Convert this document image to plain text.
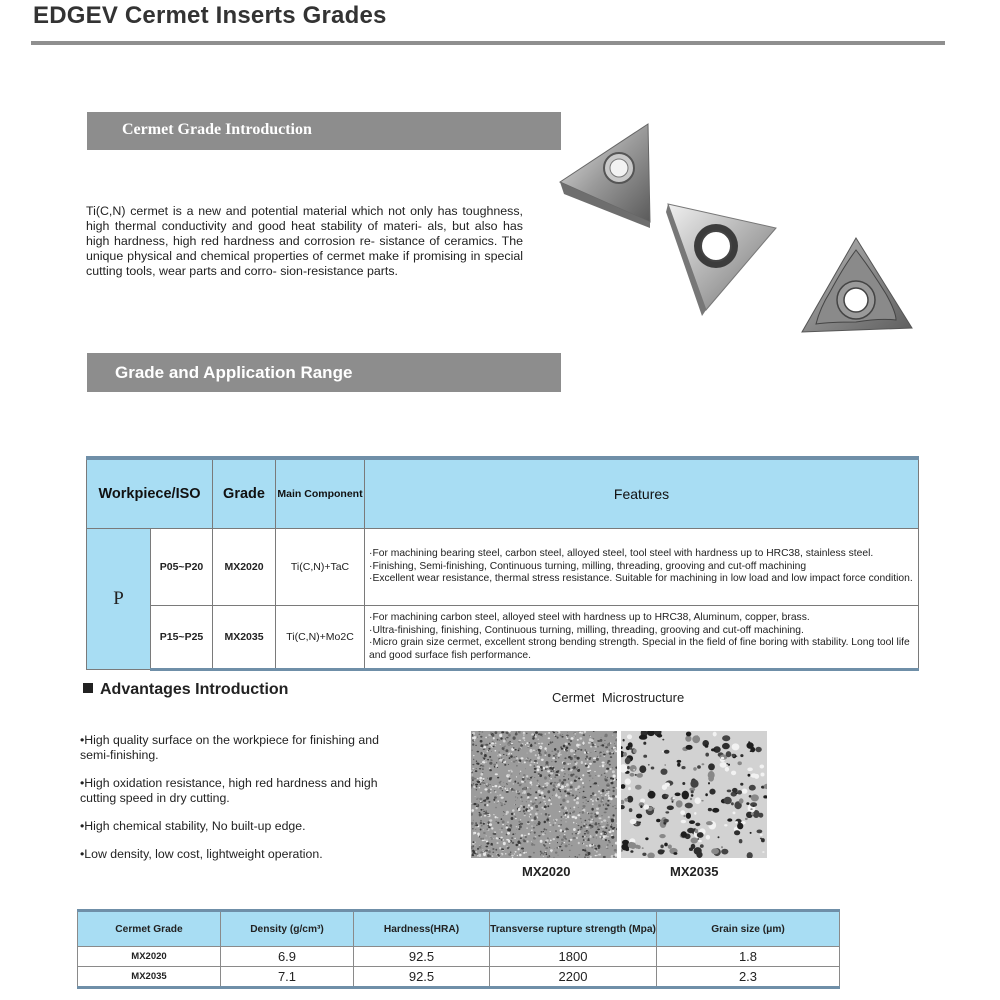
EDGEV Cermet Inserts Grades
Cermet Grade Introduction
Ti(C,N) cermet is a new and potential material which not only has toughness, high thermal conductivity and good heat stability of materi- als, but also has high hardness, high red hardness and corrosion re- sistance of ceramics. The unique physical and chemical properties of cermet make if promising in special cutting tools, wear parts and corro- sion-resistance parts.
Grade and Application Range
Workpiece/ISO		Grade	Main Component	Features
P	P05~P20	MX2020	Ti(C,N)+TaC	·For machining bearing steel, carbon steel, alloyed steel, tool steel with hardness up to HRC38, stainless steel.
·Finishing, Semi-finishing, Continuous turning, milling, threading, grooving and cut-off machining
·Excellent wear resistance, thermal stress resistance. Suitable for machining in low load and low impact force condition.

	P15~P25	MX2035	Ti(C,N)+Mo2C	·For machining carbon steel, alloyed steel with hardness up to HRC38, Aluminum, copper, brass.
·Ultra-finishing, finishing, Continuous turning, milling, threading, grooving and cut-off machining.
·Micro grain size cermet, excellent strong bending strength. Special in the field of fine boring with stability. Long tool life and good surface fish performance.
Advantages Introduction
•High quality surface on the workpiece for finishing and semi-finishing.
•High oxidation resistance, high red hardness and high cutting speed in dry cutting.
•High chemical stability, No built-up edge.
•Low density, low cost, lightweight operation.
Cermet  Microstructure
MX2020	MX2035
Cermet Grade	Density (g/cm³)	Hardness(HRA)	Transverse rupture strength (Mpa)	Grain size (μm)
MX2020	6.9	92.5	1800	1.8
MX2035	7.1	92.5	2200	2.3
